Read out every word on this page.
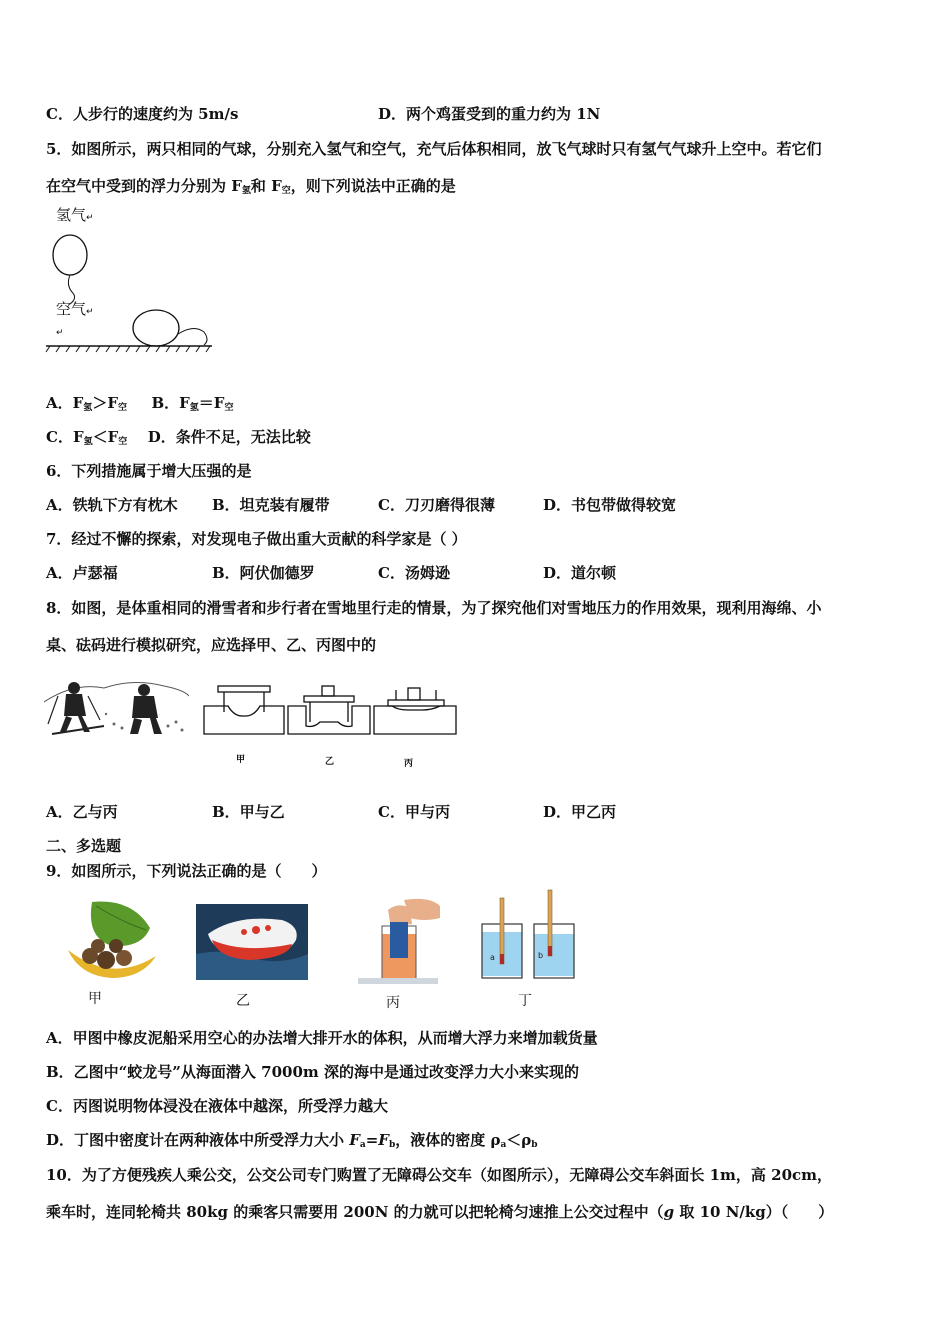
C．人步行的速度约为 5m/s	D．两个鸡蛋受到的重力约为 1N
5．如图所示，两只相同的气球，分别充入氢气和空气，充气后体积相同，放飞气球时只有氢气气球升上空中。若它们
在空气中受到的浮力分别为 $F_氢$和 $F_空$，则下列说法中正确的是
氢气↵
空气↵
↵
A．$F_氢>F_空$ B．$F_氢=F_空$
C．$F_氢<F_空$ D．条件不足，无法比较
6．下列措施属于增大压强的是
A．铁轨下方有枕木 B．坦克装有履带	C．刀刃磨得很薄	D．书包带做得较宽
7．经过不懈的探索，对发现电子做出重大贡献的科学家是（ ）
A．卢瑟福	B．阿伏伽德罗	C．汤姆逊	D．道尔顿
8．如图，是体重相同的滑雪者和步行者在雪地里行走的情景，为了探究他们对雪地压力的作用效果，现利用海绵、小
桌、砝码进行模拟研究，应选择甲、乙、丙图中的
甲	乙	丙
A．乙与丙	B．甲与乙	C．甲与丙	D．甲乙丙
二、多选题
9．如图所示，下列说法正确的是（　　）
甲	乙	丙
a	b
丁
A．甲图中橡皮泥船采用空心的办法增大排开水的体积，从而增大浮力来增加载货量
B．乙图中“蛟龙号”从海面潜入 7000m 深的海中是通过改变浮力大小来实现的
C．丙图说明物体浸没在液体中越深，所受浮力越大
D．丁图中密度计在两种液体中所受浮力大小 $F_a=F_b$，液体的密度 $\rho_a<\rho_b$
10．为了方便残疾人乘公交，公交公司专门购置了无障碍公交车（如图所示），无障碍公交车斜面长 1m，高 20cm，
乘车时，连同轮椅共 80kg 的乘客只需要用 200N 的力就可以把轮椅匀速推上公交过程中（g 取 10 N/kg）（　　）
